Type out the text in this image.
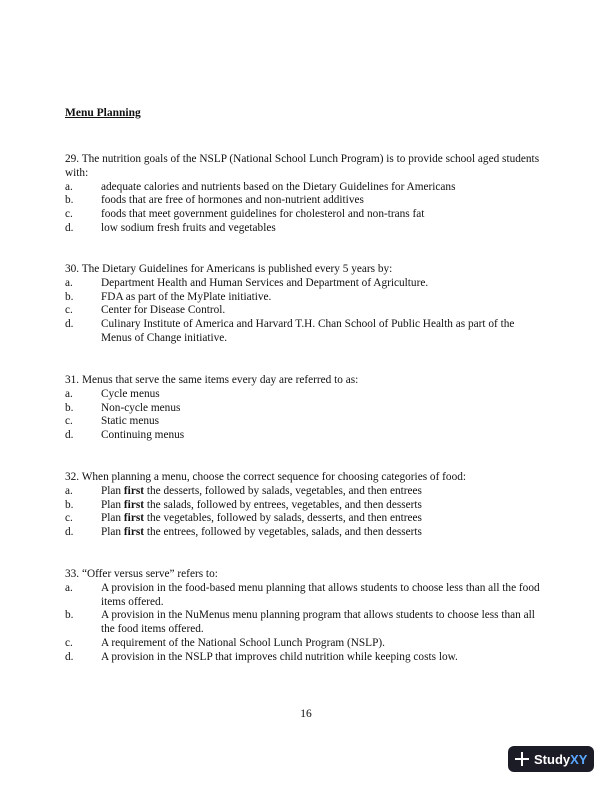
Menu Planning
29. The nutrition goals of the NSLP (National School Lunch Program) is to provide school aged students with:
a. adequate calories and nutrients based on the Dietary Guidelines for Americans
b. foods that are free of hormones and non-nutrient additives
c. foods that meet government guidelines for cholesterol and non-trans fat
d. low sodium fresh fruits and vegetables
30. The Dietary Guidelines for Americans is published every 5 years by:
a. Department Health and Human Services and Department of Agriculture.
b. FDA as part of the MyPlate initiative.
c. Center for Disease Control.
d. Culinary Institute of America and Harvard T.H. Chan School of Public Health as part of the Menus of Change initiative.
31. Menus that serve the same items every day are referred to as:
a. Cycle menus
b. Non-cycle menus
c. Static menus
d. Continuing menus
32. When planning a menu, choose the correct sequence for choosing categories of food:
a. Plan first the desserts, followed by salads, vegetables, and then entrees
b. Plan first the salads, followed by entrees, vegetables, and then desserts
c. Plan first the vegetables, followed by salads, desserts, and then entrees
d. Plan first the entrees, followed by vegetables, salads, and then desserts
33. “Offer versus serve” refers to:
a. A provision in the food-based menu planning that allows students to choose less than all the food items offered.
b. A provision in the NuMenus menu planning program that allows students to choose less than all the food items offered.
c. A requirement of the National School Lunch Program (NSLP).
d. A provision in the NSLP that improves child nutrition while keeping costs low.
16
Study XY
